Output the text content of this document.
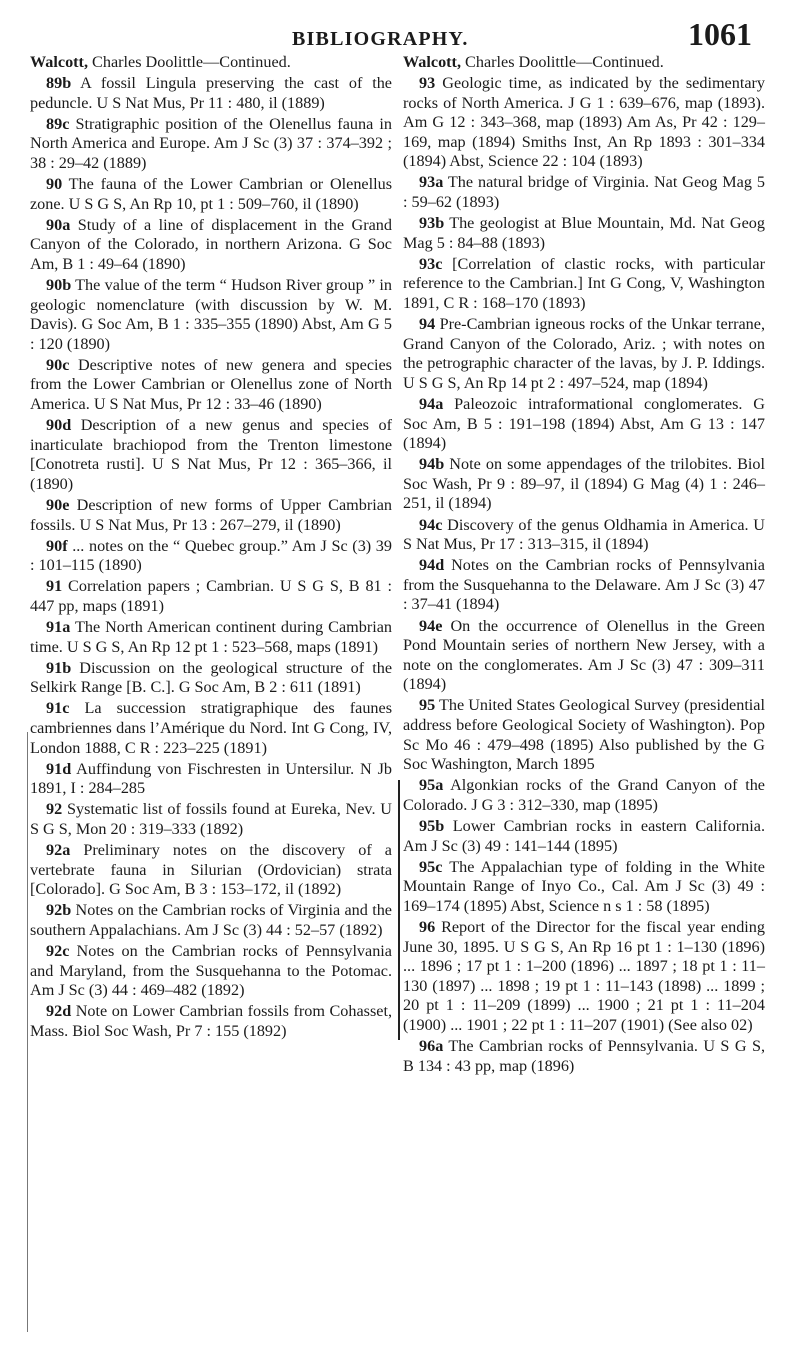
BIBLIOGRAPHY.	1061

Walcott, Charles Doolittle—Continued.

89b A fossil Lingula preserving the cast of the peduncle. U S Nat Mus, Pr 11 : 480, il (1889)

89c Stratigraphic position of the Olenellus fauna in North America and Europe. Am J Sc (3) 37 : 374–392 ; 38 : 29–42 (1889)

90 The fauna of the Lower Cambrian or Olenellus zone. U S G S, An Rp 10, pt 1 : 509–760, il (1890)

90a Study of a line of displacement in the Grand Canyon of the Colorado, in northern Arizona. G Soc Am, B 1 : 49–64 (1890)

90b The value of the term “ Hudson River group ” in geologic nomenclature (with discussion by W. M. Davis). G Soc Am, B 1 : 335–355 (1890) Abst, Am G 5 : 120 (1890)

90c Descriptive notes of new genera and species from the Lower Cambrian or Olenellus zone of North America. U S Nat Mus, Pr 12 : 33–46 (1890)

90d Description of a new genus and species of inarticulate brachiopod from the Trenton limestone [Conotreta rusti]. U S Nat Mus, Pr 12 : 365–366, il (1890)

90e Description of new forms of Upper Cambrian fossils. U S Nat Mus, Pr 13 : 267–279, il (1890)

90f ... notes on the “ Quebec group.” Am J Sc (3) 39 : 101–115 (1890)

91 Correlation papers ; Cambrian. U S G S, B 81 : 447 pp, maps (1891)

91a The North American continent during Cambrian time. U S G S, An Rp 12 pt 1 : 523–568, maps (1891)

91b Discussion on the geological structure of the Selkirk Range [B. C.]. G Soc Am, B 2 : 611 (1891)

91c La succession stratigraphique des faunes cambriennes dans l’Amérique du Nord. Int G Cong, IV, London 1888, C R : 223–225 (1891)

91d Auffindung von Fischresten in Untersilur. N Jb 1891, I : 284–285

92 Systematic list of fossils found at Eureka, Nev. U S G S, Mon 20 : 319–333 (1892)

92a Preliminary notes on the discovery of a vertebrate fauna in Silurian (Ordovician) strata [Colorado]. G Soc Am, B 3 : 153–172, il (1892)

92b Notes on the Cambrian rocks of Virginia and the southern Appalachians. Am J Sc (3) 44 : 52–57 (1892)

92c Notes on the Cambrian rocks of Pennsylvania and Maryland, from the Susquehanna to the Potomac. Am J Sc (3) 44 : 469–482 (1892)

92d Note on Lower Cambrian fossils from Cohasset, Mass. Biol Soc Wash, Pr 7 : 155 (1892)

Walcott, Charles Doolittle—Continued.

93 Geologic time, as indicated by the sedimentary rocks of North America. J G 1 : 639–676, map (1893). Am G 12 : 343–368, map (1893) Am As, Pr 42 : 129–169, map (1894) Smiths Inst, An Rp 1893 : 301–334 (1894) Abst, Science 22 : 104 (1893)

93a The natural bridge of Virginia. Nat Geog Mag 5 : 59–62 (1893)

93b The geologist at Blue Mountain, Md. Nat Geog Mag 5 : 84–88 (1893)

93c [Correlation of clastic rocks, with particular reference to the Cambrian.] Int G Cong, V, Washington 1891, C R : 168–170 (1893)

94 Pre-Cambrian igneous rocks of the Unkar terrane, Grand Canyon of the Colorado, Ariz. ; with notes on the petrographic character of the lavas, by J. P. Iddings. U S G S, An Rp 14 pt 2 : 497–524, map (1894)

94a Paleozoic intraformational conglomerates. G Soc Am, B 5 : 191–198 (1894) Abst, Am G 13 : 147 (1894)

94b Note on some appendages of the trilobites. Biol Soc Wash, Pr 9 : 89–97, il (1894) G Mag (4) 1 : 246–251, il (1894)

94c Discovery of the genus Oldhamia in America. U S Nat Mus, Pr 17 : 313–315, il (1894)

94d Notes on the Cambrian rocks of Pennsylvania from the Susquehanna to the Delaware. Am J Sc (3) 47 : 37–41 (1894)

94e On the occurrence of Olenellus in the Green Pond Mountain series of northern New Jersey, with a note on the conglomerates. Am J Sc (3) 47 : 309–311 (1894)

95 The United States Geological Survey (presidential address before Geological Society of Washington). Pop Sc Mo 46 : 479–498 (1895) Also published by the G Soc Washington, March 1895

95a Algonkian rocks of the Grand Canyon of the Colorado. J G 3 : 312–330, map (1895)

95b Lower Cambrian rocks in eastern California. Am J Sc (3) 49 : 141–144 (1895)

95c The Appalachian type of folding in the White Mountain Range of Inyo Co., Cal. Am J Sc (3) 49 : 169–174 (1895) Abst, Science n s 1 : 58 (1895)

96 Report of the Director for the fiscal year ending June 30, 1895. U S G S, An Rp 16 pt 1 : 1–130 (1896) ... 1896 ; 17 pt 1 : 1–200 (1896) ... 1897 ; 18 pt 1 : 11–130 (1897) ... 1898 ; 19 pt 1 : 11–143 (1898) ... 1899 ; 20 pt 1 : 11–209 (1899) ... 1900 ; 21 pt 1 : 11–204 (1900) ... 1901 ; 22 pt 1 : 11–207 (1901) (See also 02)

96a The Cambrian rocks of Pennsylvania. U S G S, B 134 : 43 pp, map (1896)
